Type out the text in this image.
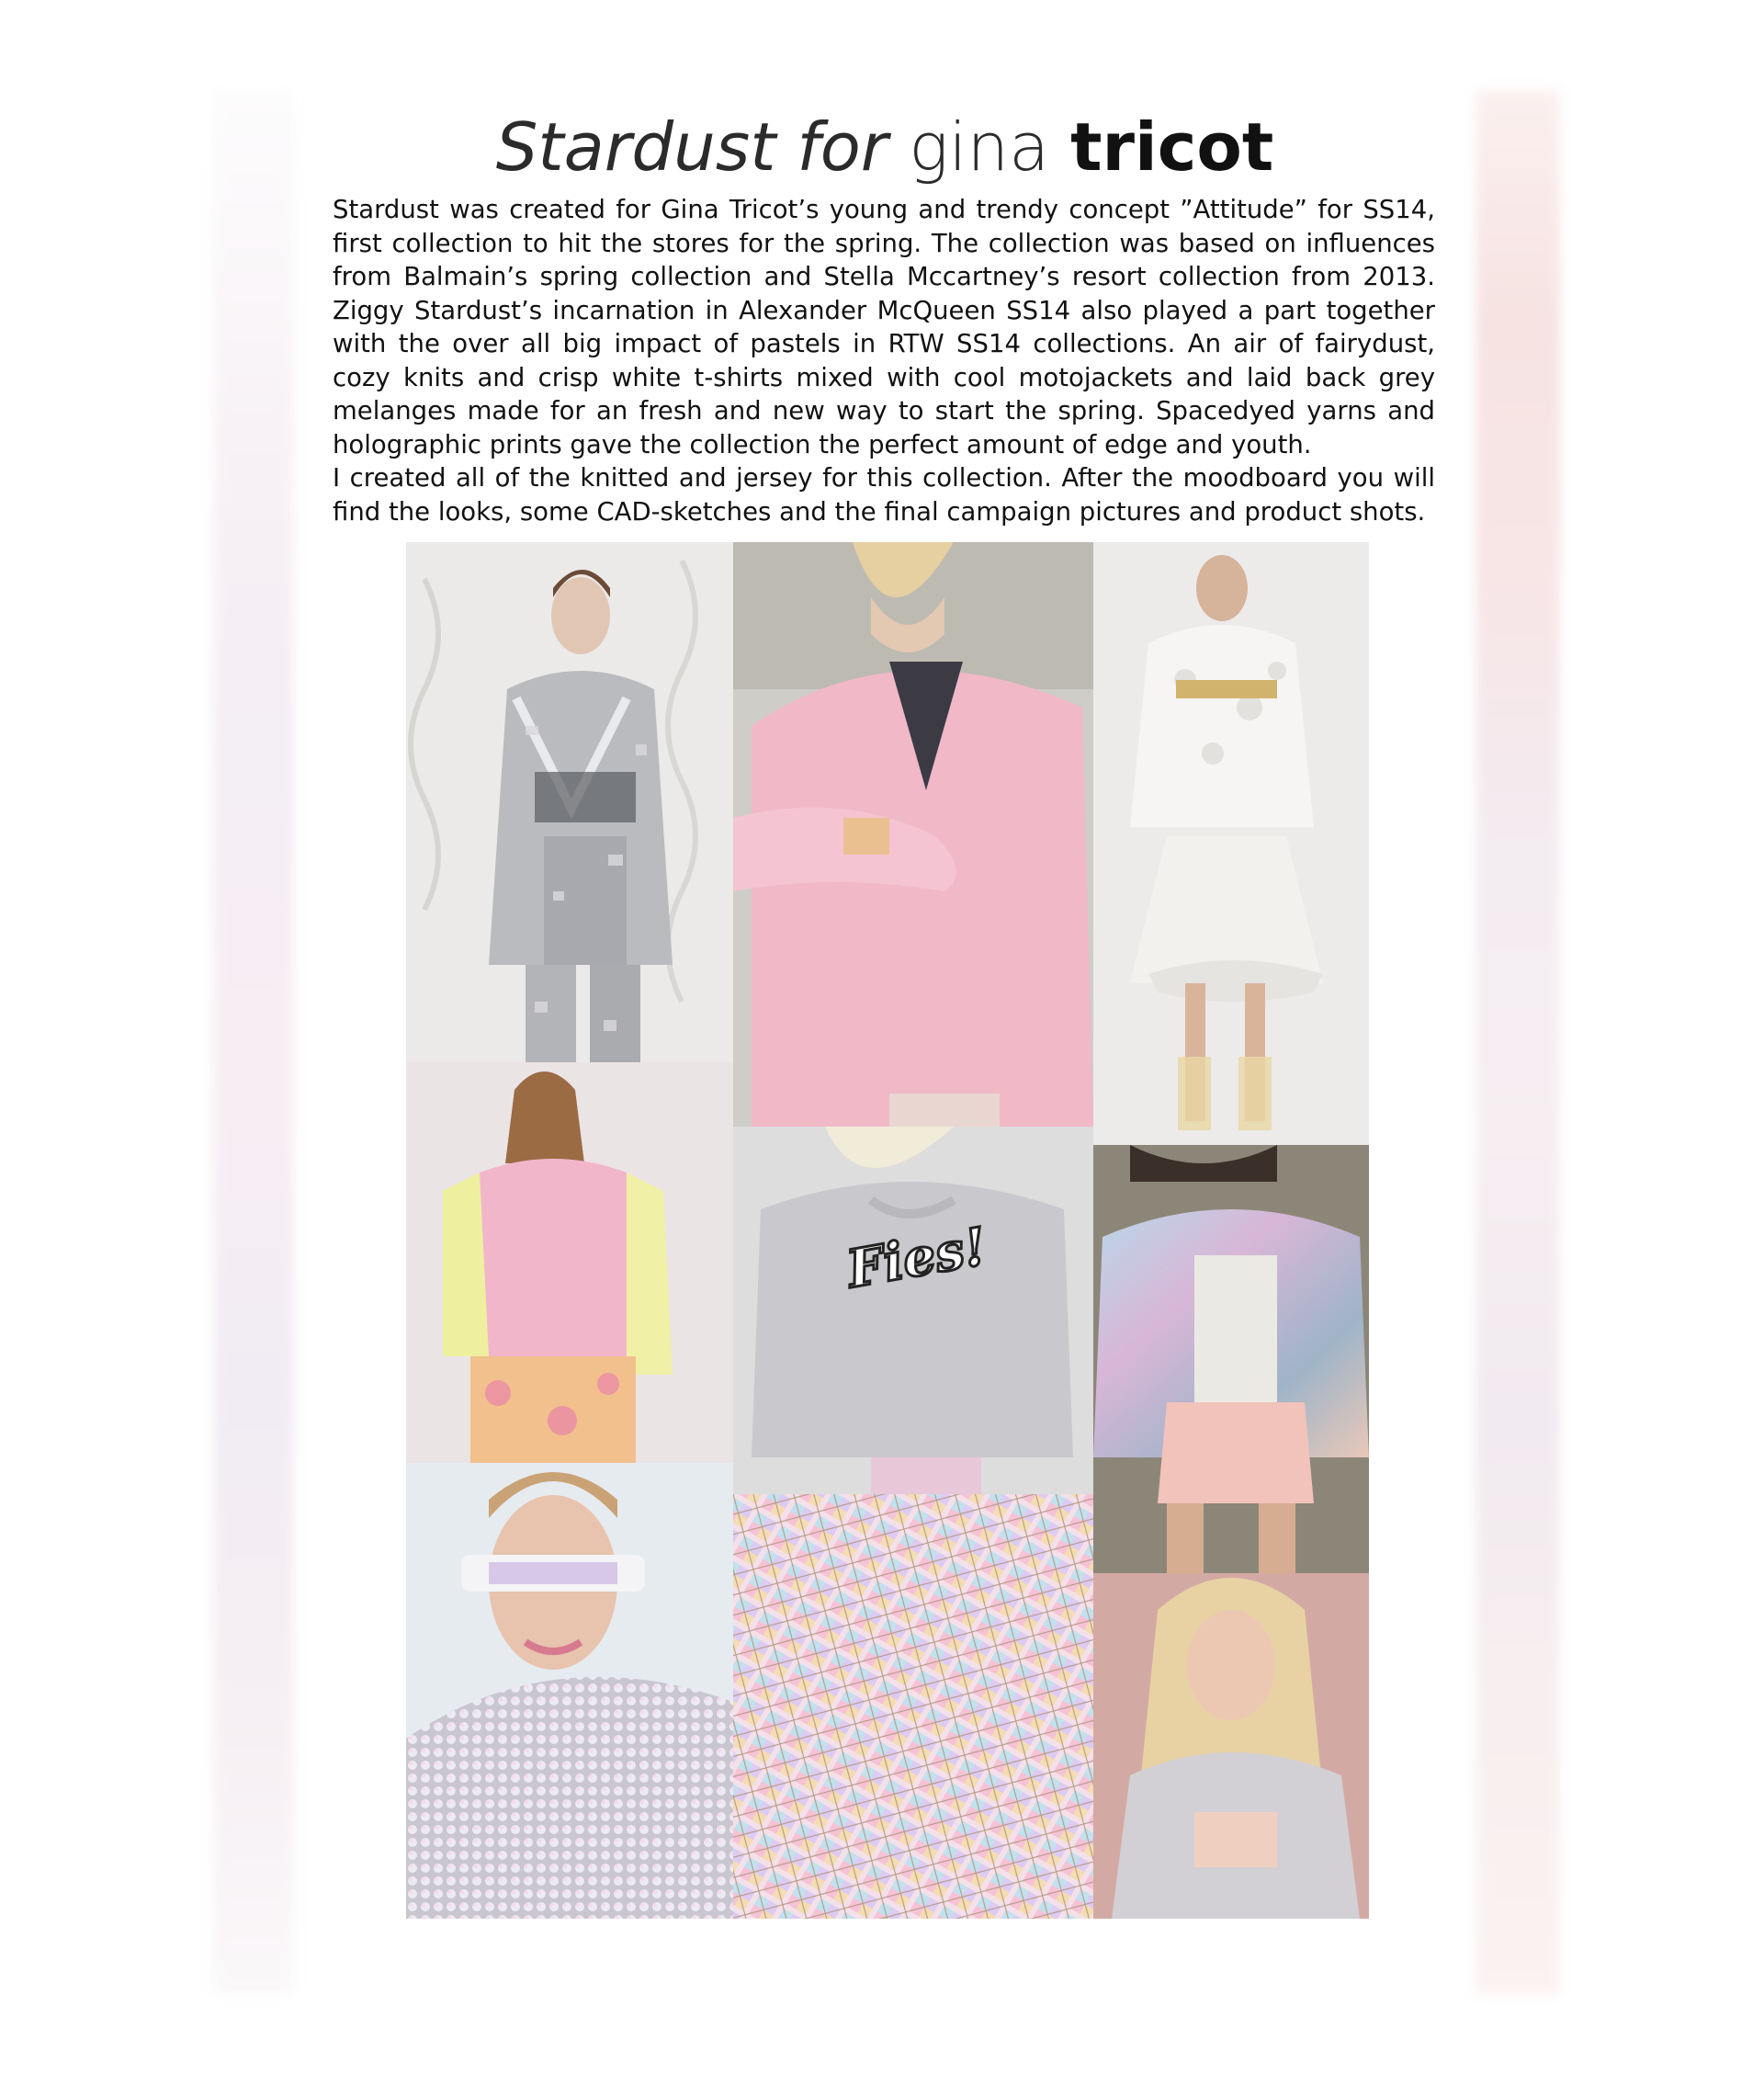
Stardust for gina tricot

Stardust was created for Gina Tricot’s young and trendy concept ”Attitude” for SS14, first collection to hit the stores for the spring. The collection was based on influences from Balmain’s spring collection and Stella Mccartney’s resort collection from 2013. Ziggy Stardust’s incarnation in Alexander McQueen SS14 also played a part together with the over all big impact of pastels in RTW SS14 collections. An air of fairydust, cozy knits and crisp white t-shirts mixed with cool motojackets and laid back grey melanges made for an fresh and new way to start the spring. Spacedyed yarns and holographic prints gave the collection the perfect amount of edge and youth.

I created all of the knitted and jersey for this collection. After the moodboard you will find the looks, some CAD-sketches and the final campaign pictures and product shots.

Fies!
